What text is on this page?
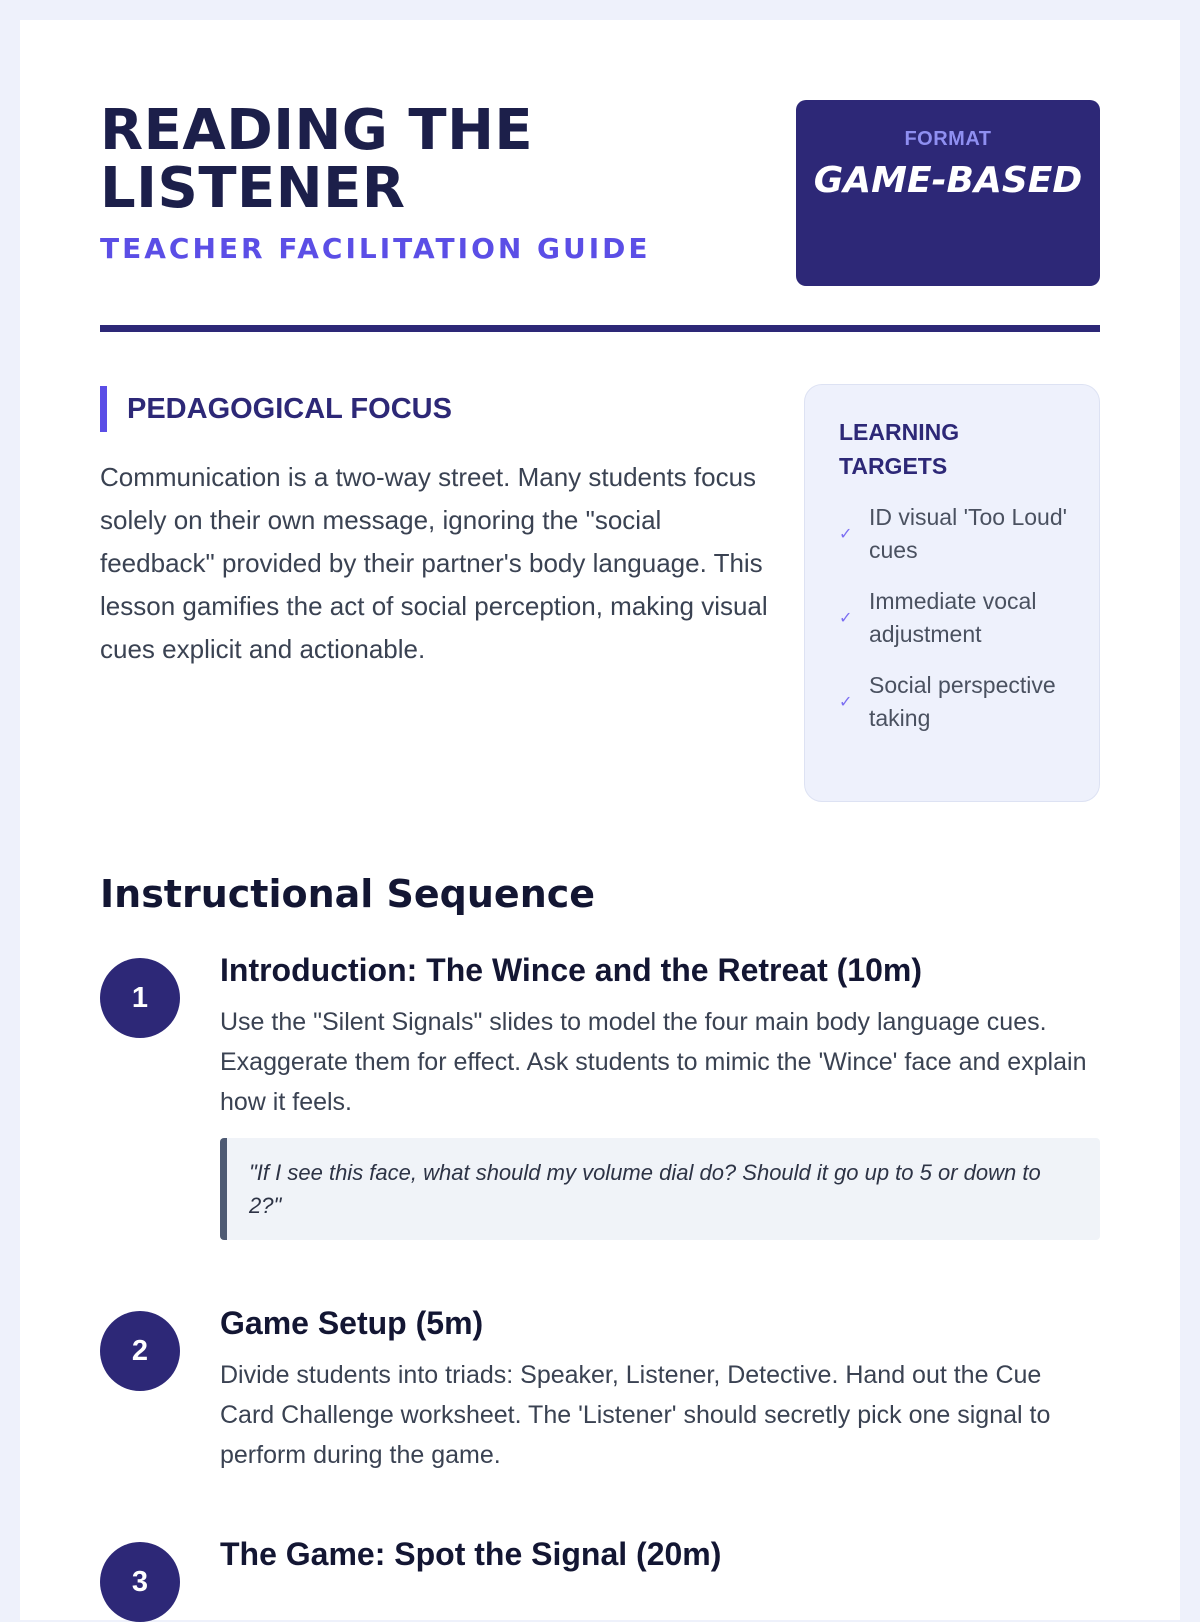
READING THE LISTENER
TEACHER FACILITATION GUIDE
FORMAT
GAME-BASED
PEDAGOGICAL FOCUS

Communication is a two-way street. Many students focus solely on their own message, ignoring the "social feedback" provided by their partner's body language. This lesson gamifies the act of social perception, making visual cues explicit and actionable.

LEARNING TARGETS
✓
ID visual 'Too Loud' cues
✓
Immediate vocal adjustment
✓
Social perspective taking
Instructional Sequence
1
Introduction: The Wince and the Retreat (10m)

Use the "Silent Signals" slides to model the four main body language cues. Exaggerate them for effect. Ask students to mimic the 'Wince' face and explain how it feels.

"If I see this face, what should my volume dial do? Should it go up to 5 or down to 2?"
2
Game Setup (5m)

Divide students into triads: Speaker, Listener, Detective. Hand out the Cue Card Challenge worksheet. The 'Listener' should secretly pick one signal to perform during the game.

3
The Game: Spot the Signal (20m)
